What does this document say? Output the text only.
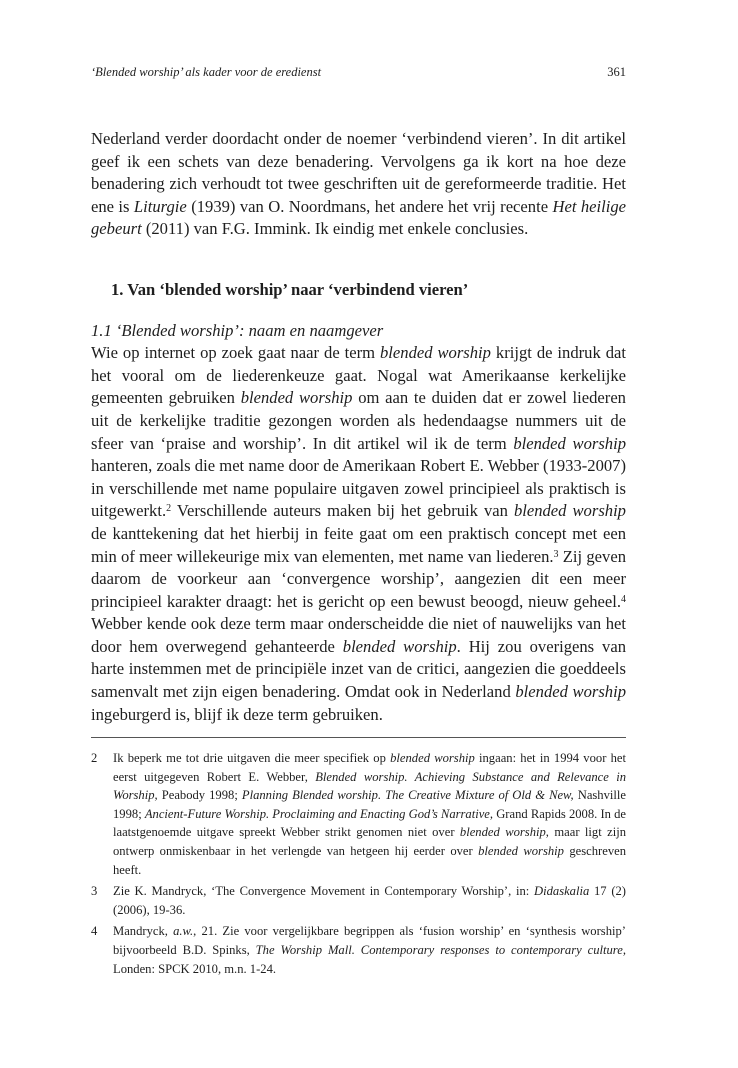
‘Blended worship’ als kader voor de eredienst	361

Nederland verder doordacht onder de noemer ‘verbindend vieren’. In dit artikel geef ik een schets van deze benadering. Vervolgens ga ik kort na hoe deze benadering zich verhoudt tot twee geschriften uit de gereformeerde traditie. Het ene is Liturgie (1939) van O. Noordmans, het andere het vrij recente Het heilige gebeurt (2011) van F.G. Immink. Ik eindig met enkele conclusies.

1. Van ‘blended worship’ naar ‘verbindend vieren’
1.1 ‘Blended worship’: naam en naamgever

Wie op internet op zoek gaat naar de term blended worship krijgt de indruk dat het vooral om de liederenkeuze gaat. Nogal wat Amerikaanse kerkelijke gemeenten gebruiken blended worship om aan te duiden dat er zowel liederen uit de kerkelijke traditie gezongen worden als hedendaagse nummers uit de sfeer van ‘praise and worship’. In dit artikel wil ik de term blended worship hanteren, zoals die met name door de Amerikaan Robert E. Webber (1933-2007) in verschillende met name populaire uitgaven zowel principieel als praktisch is uitgewerkt.$^2$ Verschillende auteurs maken bij het gebruik van blended worship de kanttekening dat het hierbij in feite gaat om een praktisch concept met een min of meer willekeurige mix van elementen, met name van liederen.$^3$ Zij geven daarom de voorkeur aan ‘convergence worship’, aangezien dit een meer principieel karakter draagt: het is gericht op een bewust beoogd, nieuw geheel.$^4$ Webber kende ook deze term maar onderscheidde die niet of nauwelijks van het door hem overwegend gehanteerde blended worship. Hij zou overigens van harte instemmen met de principiële inzet van de critici, aangezien die goeddeels samenvalt met zijn eigen benadering. Omdat ook in Nederland blended worship ingeburgerd is, blijf ik deze term gebruiken.

2	Ik beperk me tot drie uitgaven die meer specifiek op blended worship ingaan: het in 1994 voor het eerst uitgegeven Robert E. Webber, Blended worship. Achieving Substance and Relevance in Worship, Peabody 1998; Planning Blended worship. The Creative Mixture of Old & New, Nashville 1998; Ancient-Future Worship. Proclaiming and Enacting God’s Narrative, Grand Rapids 2008. In de laatstgenoemde uitgave spreekt Webber strikt genomen niet over blended worship, maar ligt zijn ontwerp onmiskenbaar in het verlengde van hetgeen hij eerder over blended worship geschreven heeft.
3	Zie K. Mandryck, ‘The Convergence Movement in Contemporary Worship’, in: Didaskalia 17 (2) (2006), 19-36.
4	Mandryck, a.w., 21. Zie voor vergelijkbare begrippen als ‘fusion worship’ en ‘synthesis worship’ bijvoorbeeld B.D. Spinks, The Worship Mall. Contemporary responses to contemporary culture, Londen: SPCK 2010, m.n. 1-24.
